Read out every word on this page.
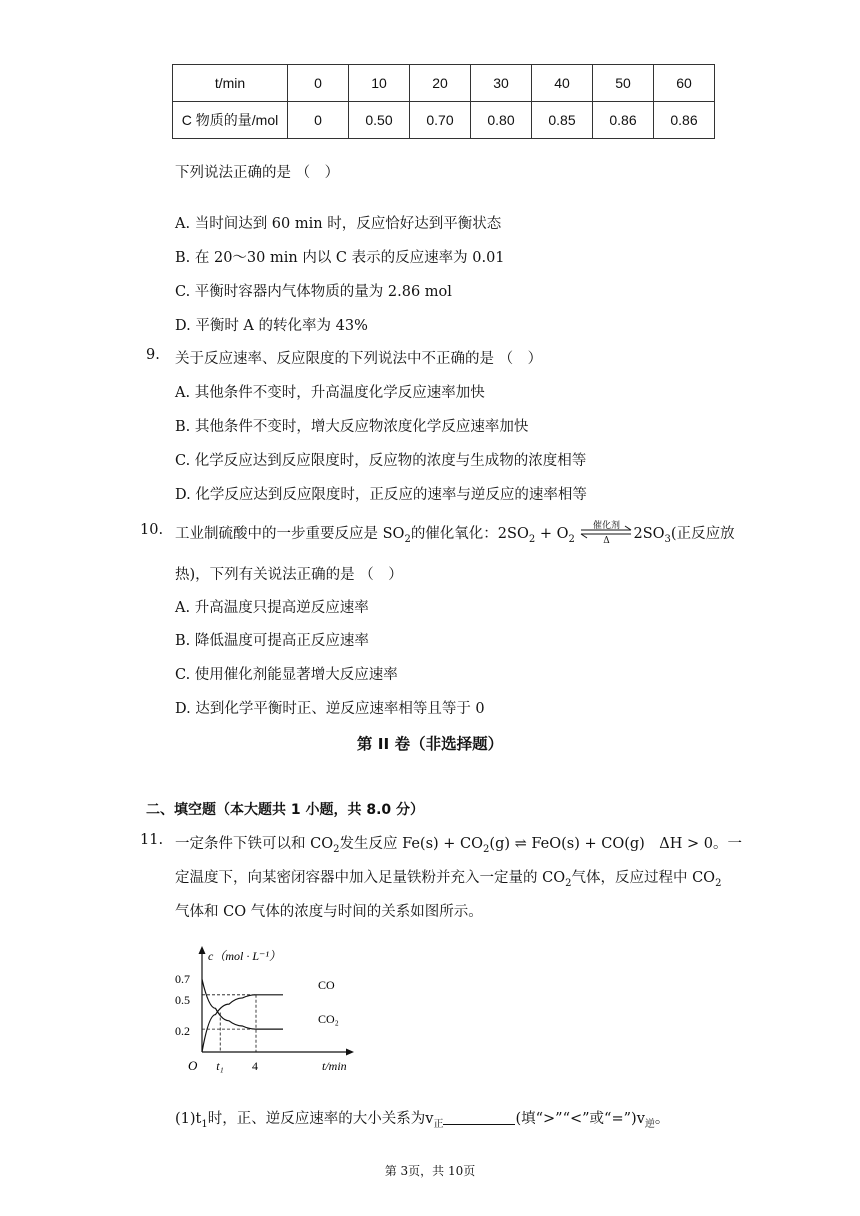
t/min	0	10	20	30	40	50	60
C 物质的量/mol	0	0.50	0.70	0.80	0.85	0.86	0.86
下列说法正确的是 （　）
A. 当时间达到 60 min 时，反应恰好达到平衡状态
B. 在 20～30 min 内以 C 表示的反应速率为 0.01
C. 平衡时容器内气体物质的量为 2.86 mol
D. 平衡时 A 的转化率为 43%
9. 关于反应速率、反应限度的下列说法中不正确的是 （　）
A. 其他条件不变时，升高温度化学反应速率加快
B. 其他条件不变时，增大反应物浓度化学反应速率加快
C. 化学反应达到反应限度时，反应物的浓度与生成物的浓度相等
D. 化学反应达到反应限度时，正反应的速率与逆反应的速率相等
10. 工业制硫酸中的一步重要反应是 $SO_2$的催化氧化：$2SO_2 + O_2$
催化剂
Δ	$2SO_3$(正反应放
热)，下列有关说法正确的是 （　）
A. 升高温度只提高逆反应速率
B. 降低温度可提高正反应速率
C. 使用催化剂能显著增大反应速率
D. 达到化学平衡时正、逆反应速率相等且等于 0
第 II 卷（非选择题）
二、填空题（本大题共 1 小题，共 8.0 分）
11. 一定条件下铁可以和 $CO_2$发生反应 $Fe(s) + CO_2(g)$ ⇌ FeO(s) + CO(g)　ΔH > 0。一
定温度下，向某密闭容器中加入足量铁粉并充入一定量的 $CO_2$气体，反应过程中 $CO_2$
气体和 CO 气体的浓度与时间的关系如图所示。
c（mol · L⁻¹）
t/min
O
0.7
0.5
0.2
t₁ 4
CO
CO₂
$(1)t_1$时，正、逆反应速率的大小关系为$v_正$	(填“>”“<”或“$=”)v_逆$。
第 3页，共 10页
